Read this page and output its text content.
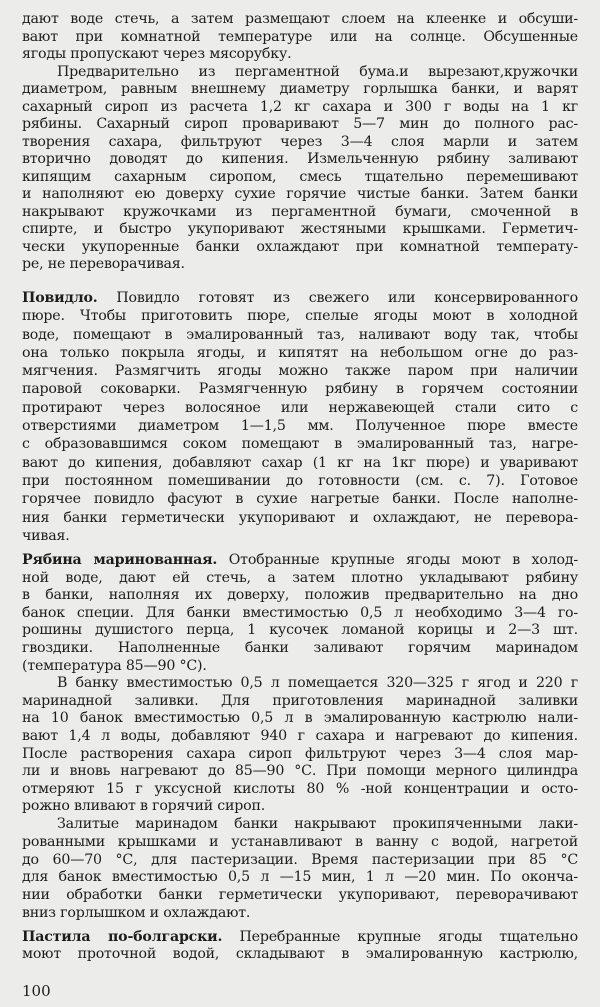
дают воде стечь, а затем размещают слоем на клеенке и обсуши-
вают при комнатной температуре или на солнце. Обсушенные
ягоды пропускают через мясорубку.
Предварительно из пергаментной бума.и вырезают,кружочки
диаметром, равным внешнему диаметру горлышка банки, и варят
сахарный сироп из расчета 1,2 кг сахара и 300 г воды на 1 кг
рябины. Сахарный сироп проваривают 5—7 мин до полного рас-
творения сахара, фильтруют через 3—4 слоя марли и затем
вторично доводят до кипения. Измельченную рябину заливают
кипящим сахарным сиропом, смесь тщательно перемешивают
и наполняют ею доверху сухие горячие чистые банки. Затем банки
накрывают кружочками из пергаментной бумаги, смоченной в
спирте, и быстро укупоривают жестяными крышками. Герметич-
чески укупоренные банки охлаждают при комнатной температу-
ре, не переворачивая.
Повидло. Повидло готовят из свежего или консервированного
пюре. Чтобы приготовить пюре, спелые ягоды моют в холодной
воде, помещают в эмалированный таз, наливают воду так, чтобы
она только покрыла ягоды, и кипятят на небольшом огне до раз-
мягчения. Размягчить ягоды можно также паром при наличии
паровой соковарки. Размягченную рябину в горячем состоянии
протирают через волосяное или нержавеющей стали сито с
отверстиями диаметром 1—1,5 мм. Полученное пюре вместе
с образовавшимся соком помещают в эмалированный таз, нагре-
вают до кипения, добавляют сахар (1 кг на 1кг пюре) и уваривают
при постоянном помешивании до готовности (см. с. 7). Готовое
горячее повидло фасуют в сухие нагретые банки. После наполне-
ния банки герметически укупоривают и охлаждают, не перевора-
чивая.
Рябина маринованная. Отобранные крупные ягоды моют в холод-
ной воде, дают ей стечь, а затем плотно укладывают рябину
в банки, наполняя их доверху, положив предварительно на дно
банок специи. Для банки вместимостью 0,5 л необходимо 3—4 го-
рошины душистого перца, 1 кусочек ломаной корицы и 2—3 шт.
гвоздики. Наполненные банки заливают горячим маринадом
(температура 85—90 °С).
В банку вместимостью 0,5 л помещается 320—325 г ягод и 220 г
маринадной заливки. Для приготовления маринадной заливки
на 10 банок вместимостью 0,5 л в эмалированную кастрюлю нали-
вают 1,4 л воды, добавляют 940 г сахара и нагревают до кипения.
После растворения сахара сироп фильтруют через 3—4 слоя мар-
ли и вновь нагревают до 85—90 °С. При помощи мерного цилиндра
отмеряют 15 г уксусной кислоты 80 % -ной концентрации и осто-
рожно вливают в горячий сироп.
Залитые маринадом банки накрывают прокипяченными лаки-
рованными крышками и устанавливают в ванну с водой, нагретой
до 60—70 °С, для пастеризации. Время пастеризации при 85 °С
для банок вместимостью 0,5 л —15 мин, 1 л —20 мин. По оконча-
нии обработки банки герметически укупоривают, переворачивают
вниз горлышком и охлаждают.
Пастила по-болгарски. Перебранные крупные ягоды тщательно
моют проточной водой, складывают в эмалированную кастрюлю,
100
